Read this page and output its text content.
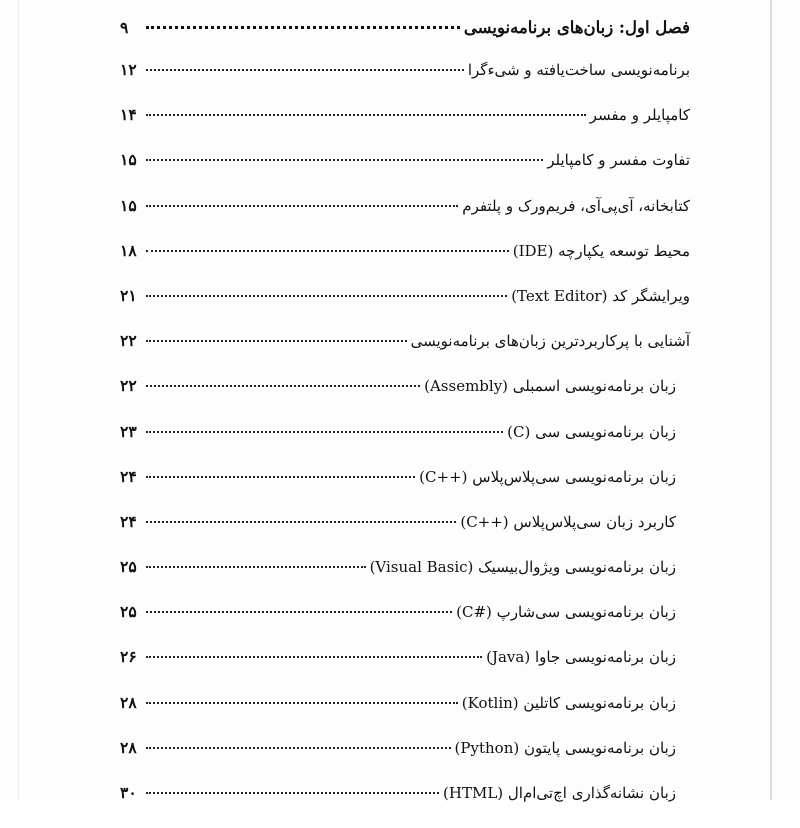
فصل اول: زبان‌های برنامه‌نویسی
۹
برنامه‌نویسی ساخت‌یافته و شیءگرا
۱۲
کامپایلر و مفسر
۱۴
تفاوت مفسر و کامپایلر
۱۵
کتابخانه، آی‌پی‌آی، فریم‌ورک و پلتفرم
۱۵
محیط توسعه یکپارچه (IDE)
۱۸
ویرایشگر کد (Text Editor)
۲۱
آشنایی با پرکاربردترین زبان‌های برنامه‌نویسی
۲۲
زبان برنامه‌نویسی اسمبلی (Assembly)
۲۲
زبان برنامه‌نویسی سی (C)
۲۳
زبان برنامه‌نویسی سی‌پلاس‌پلاس (++C)
۲۴
کاربرد زبان سی‌پلاس‌پلاس (++C)
۲۴
زبان برنامه‌نویسی ویژوال‌بیسیک (Visual Basic)
۲۵
زبان برنامه‌نویسی سی‌شارپ (#C)
۲۵
زبان برنامه‌نویسی جاوا (Java)
۲۶
زبان برنامه‌نویسی کاتلین (Kotlin)
۲۸
زبان برنامه‌نویسی پایتون (Python)
۲۸
زبان نشانه‌گذاری اچ‌تی‌ام‌ال (HTML)
۳۰
